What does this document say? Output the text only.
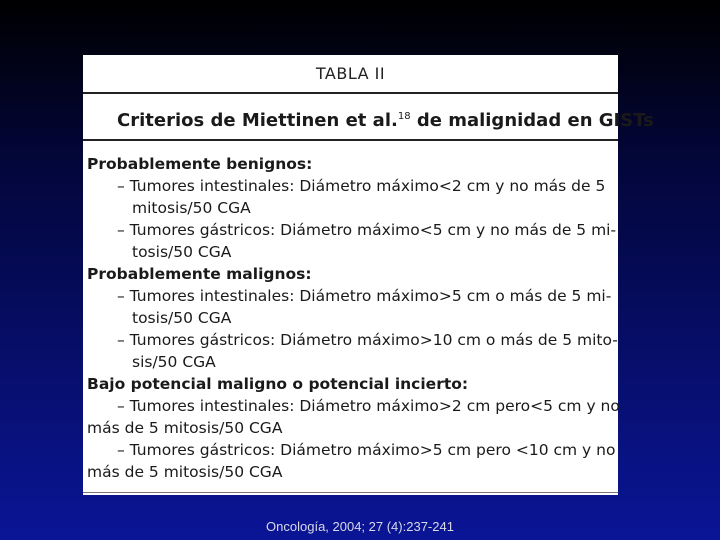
TABLA II
Criterios de Miettinen et al.$^{18}$ de malignidad en GISTs
Probablemente benignos:
– Tumores intestinales: Diámetro máximo<2 cm y no más de 5
mitosis/50 CGA
– Tumores gástricos: Diámetro máximo<5 cm y no más de 5 mi-
tosis/50 CGA
Probablemente malignos:
– Tumores intestinales: Diámetro máximo>5 cm o más de 5 mi-
tosis/50 CGA
– Tumores gástricos: Diámetro máximo>10 cm o más de 5 mito-
sis/50 CGA
Bajo potencial maligno o potencial incierto:
– Tumores intestinales: Diámetro máximo>2 cm pero<5 cm y no
más de 5 mitosis/50 CGA
– Tumores gástricos: Diámetro máximo>5 cm pero <10 cm y no
más de 5 mitosis/50 CGA
Oncología, 2004; 27 (4):237-241
